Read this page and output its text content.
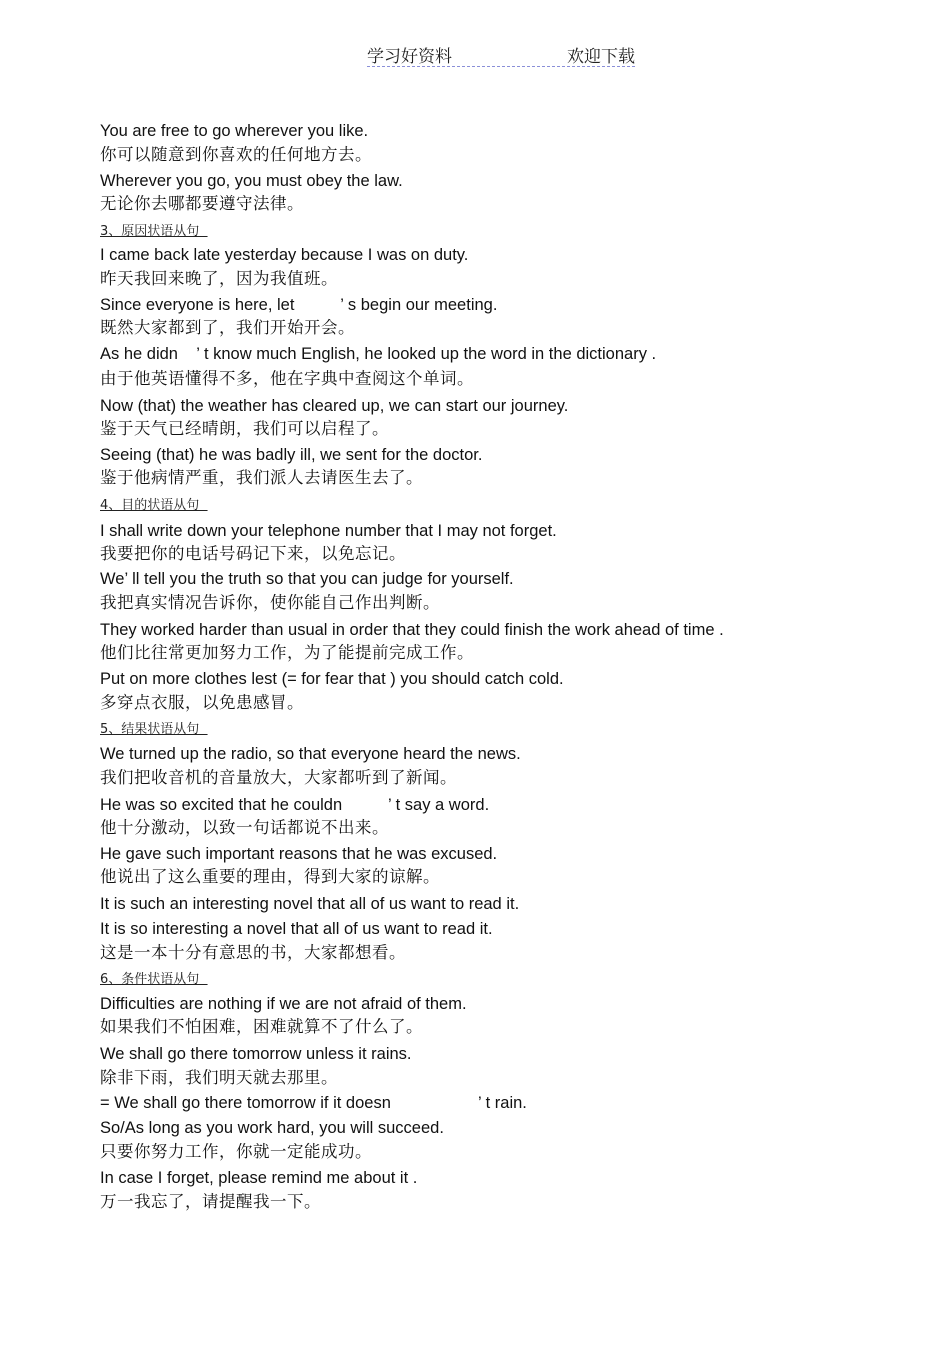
学习好资料	欢迎下载
You are free to go wherever you like.
你可以随意到你喜欢的任何地方去。
Wherever you go, you must obey the law.
无论你去哪都要遵守法律。
3、原因状语从句
I came back late yesterday because I was on duty.
昨天我回来晚了，因为我值班。
Since everyone is here, let          ’ s begin our meeting.
既然大家都到了，我们开始开会。
As he didn    ’ t know much English, he looked up the word in the dictionary .
由于他英语懂得不多，他在字典中查阅这个单词。
Now (that) the weather has cleared up, we can start our journey.
鉴于天气已经晴朗，我们可以启程了。
Seeing (that) he was badly ill, we sent for the doctor.
鉴于他病情严重，我们派人去请医生去了。
4、目的状语从句
I shall write down your telephone number that I may not forget.
我要把你的电话号码记下来，以免忘记。
We’ ll tell you the truth so that you can judge for yourself.
我把真实情况告诉你，使你能自己作出判断。
They worked harder than usual in order that they could finish the work ahead of time .
他们比往常更加努力工作，为了能提前完成工作。
Put on more clothes lest (= for fear that ) you should catch cold.
多穿点衣服，以免患感冒。
5、结果状语从句
We turned up the radio, so that everyone heard the news.
我们把收音机的音量放大，大家都听到了新闻。
He was so excited that he couldn          ’ t say a word.
他十分激动，以致一句话都说不出来。
He gave such important reasons that he was excused.
他说出了这么重要的理由，得到大家的谅解。
It is such an interesting novel that all of us want to read it.
It is so interesting a novel that all of us want to read it.
这是一本十分有意思的书，大家都想看。
6、条件状语从句
Difficulties are nothing if we are not afraid of them.
如果我们不怕困难，困难就算不了什么了。
We shall go there tomorrow unless it rains.
除非下雨，我们明天就去那里。
= We shall go there tomorrow if it doesn                   ’ t rain.
So/As long as you work hard, you will succeed.
只要你努力工作，你就一定能成功。
In case I forget, please remind me about it .
万一我忘了，请提醒我一下。
